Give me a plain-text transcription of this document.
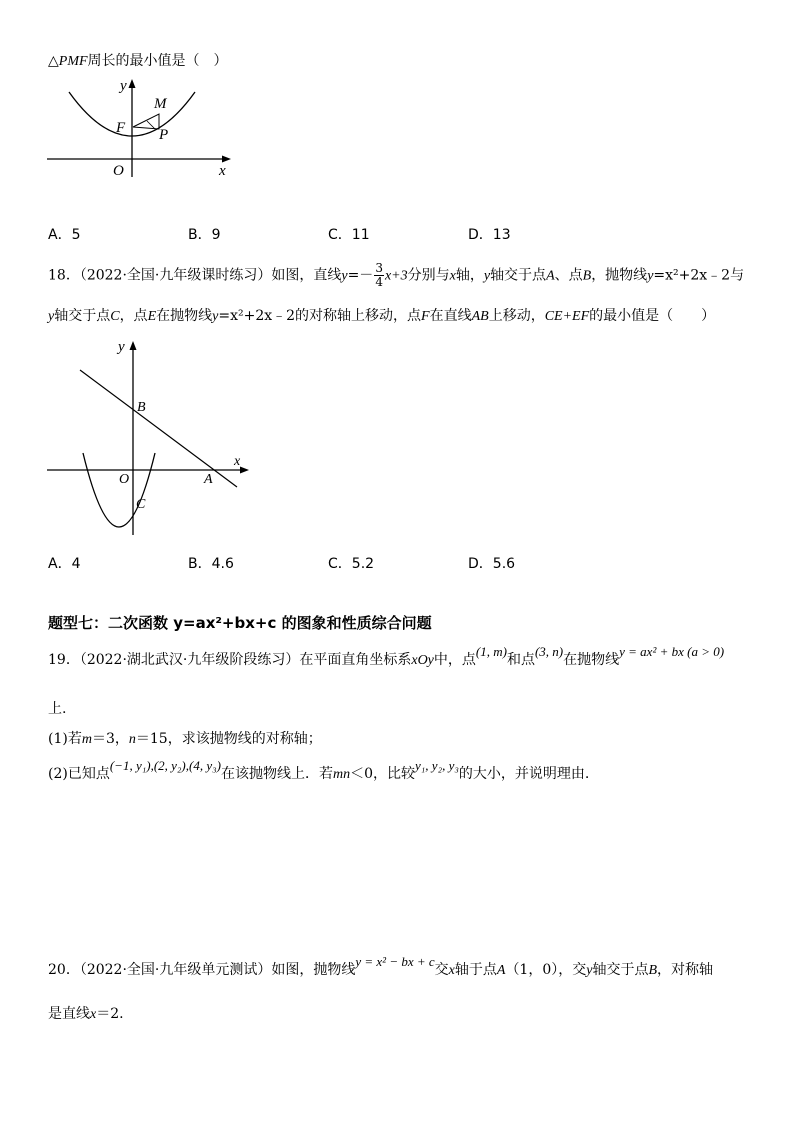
△PMF周长的最小值是（　）
y
x
O
F
M
P
A．5	B．9	C．11	D．13
18．（2022·全国·九年级课时练习）如图，直线$y=- \frac{3}{4} x+3$分别与x轴，y轴交于点A、点B，抛物线y=x²+2x﹣2与
y轴交于点C，点E在抛物线y=x²+2x﹣2的对称轴上移动，点F在直线AB上移动，CE+EF的最小值是（　　）
y
x
O
B
A
C
A．4	B．4.6	C．5.2	D．5.6
题型七：二次函数 y=ax²+bx+c 的图象和性质综合问题
19．（2022·湖北武汉·九年级阶段练习）在平面直角坐标系xOy中，点(1, m)和点(3, n)在抛物线y = ax² + bx (a > 0)
上.
(1)若m＝3，n＝15，求该抛物线的对称轴；
(2)已知点(−1, y₁),(2, y₂),(4, y₃)在该抛物线上．若mn＜0，比较y₁, y₂, y₃的大小，并说明理由.
20．（2022·全国·九年级单元测试）如图，抛物线y = x² − bx + c交x轴于点A（1，0），交y轴交于点B，对称轴
是直线x＝2.
